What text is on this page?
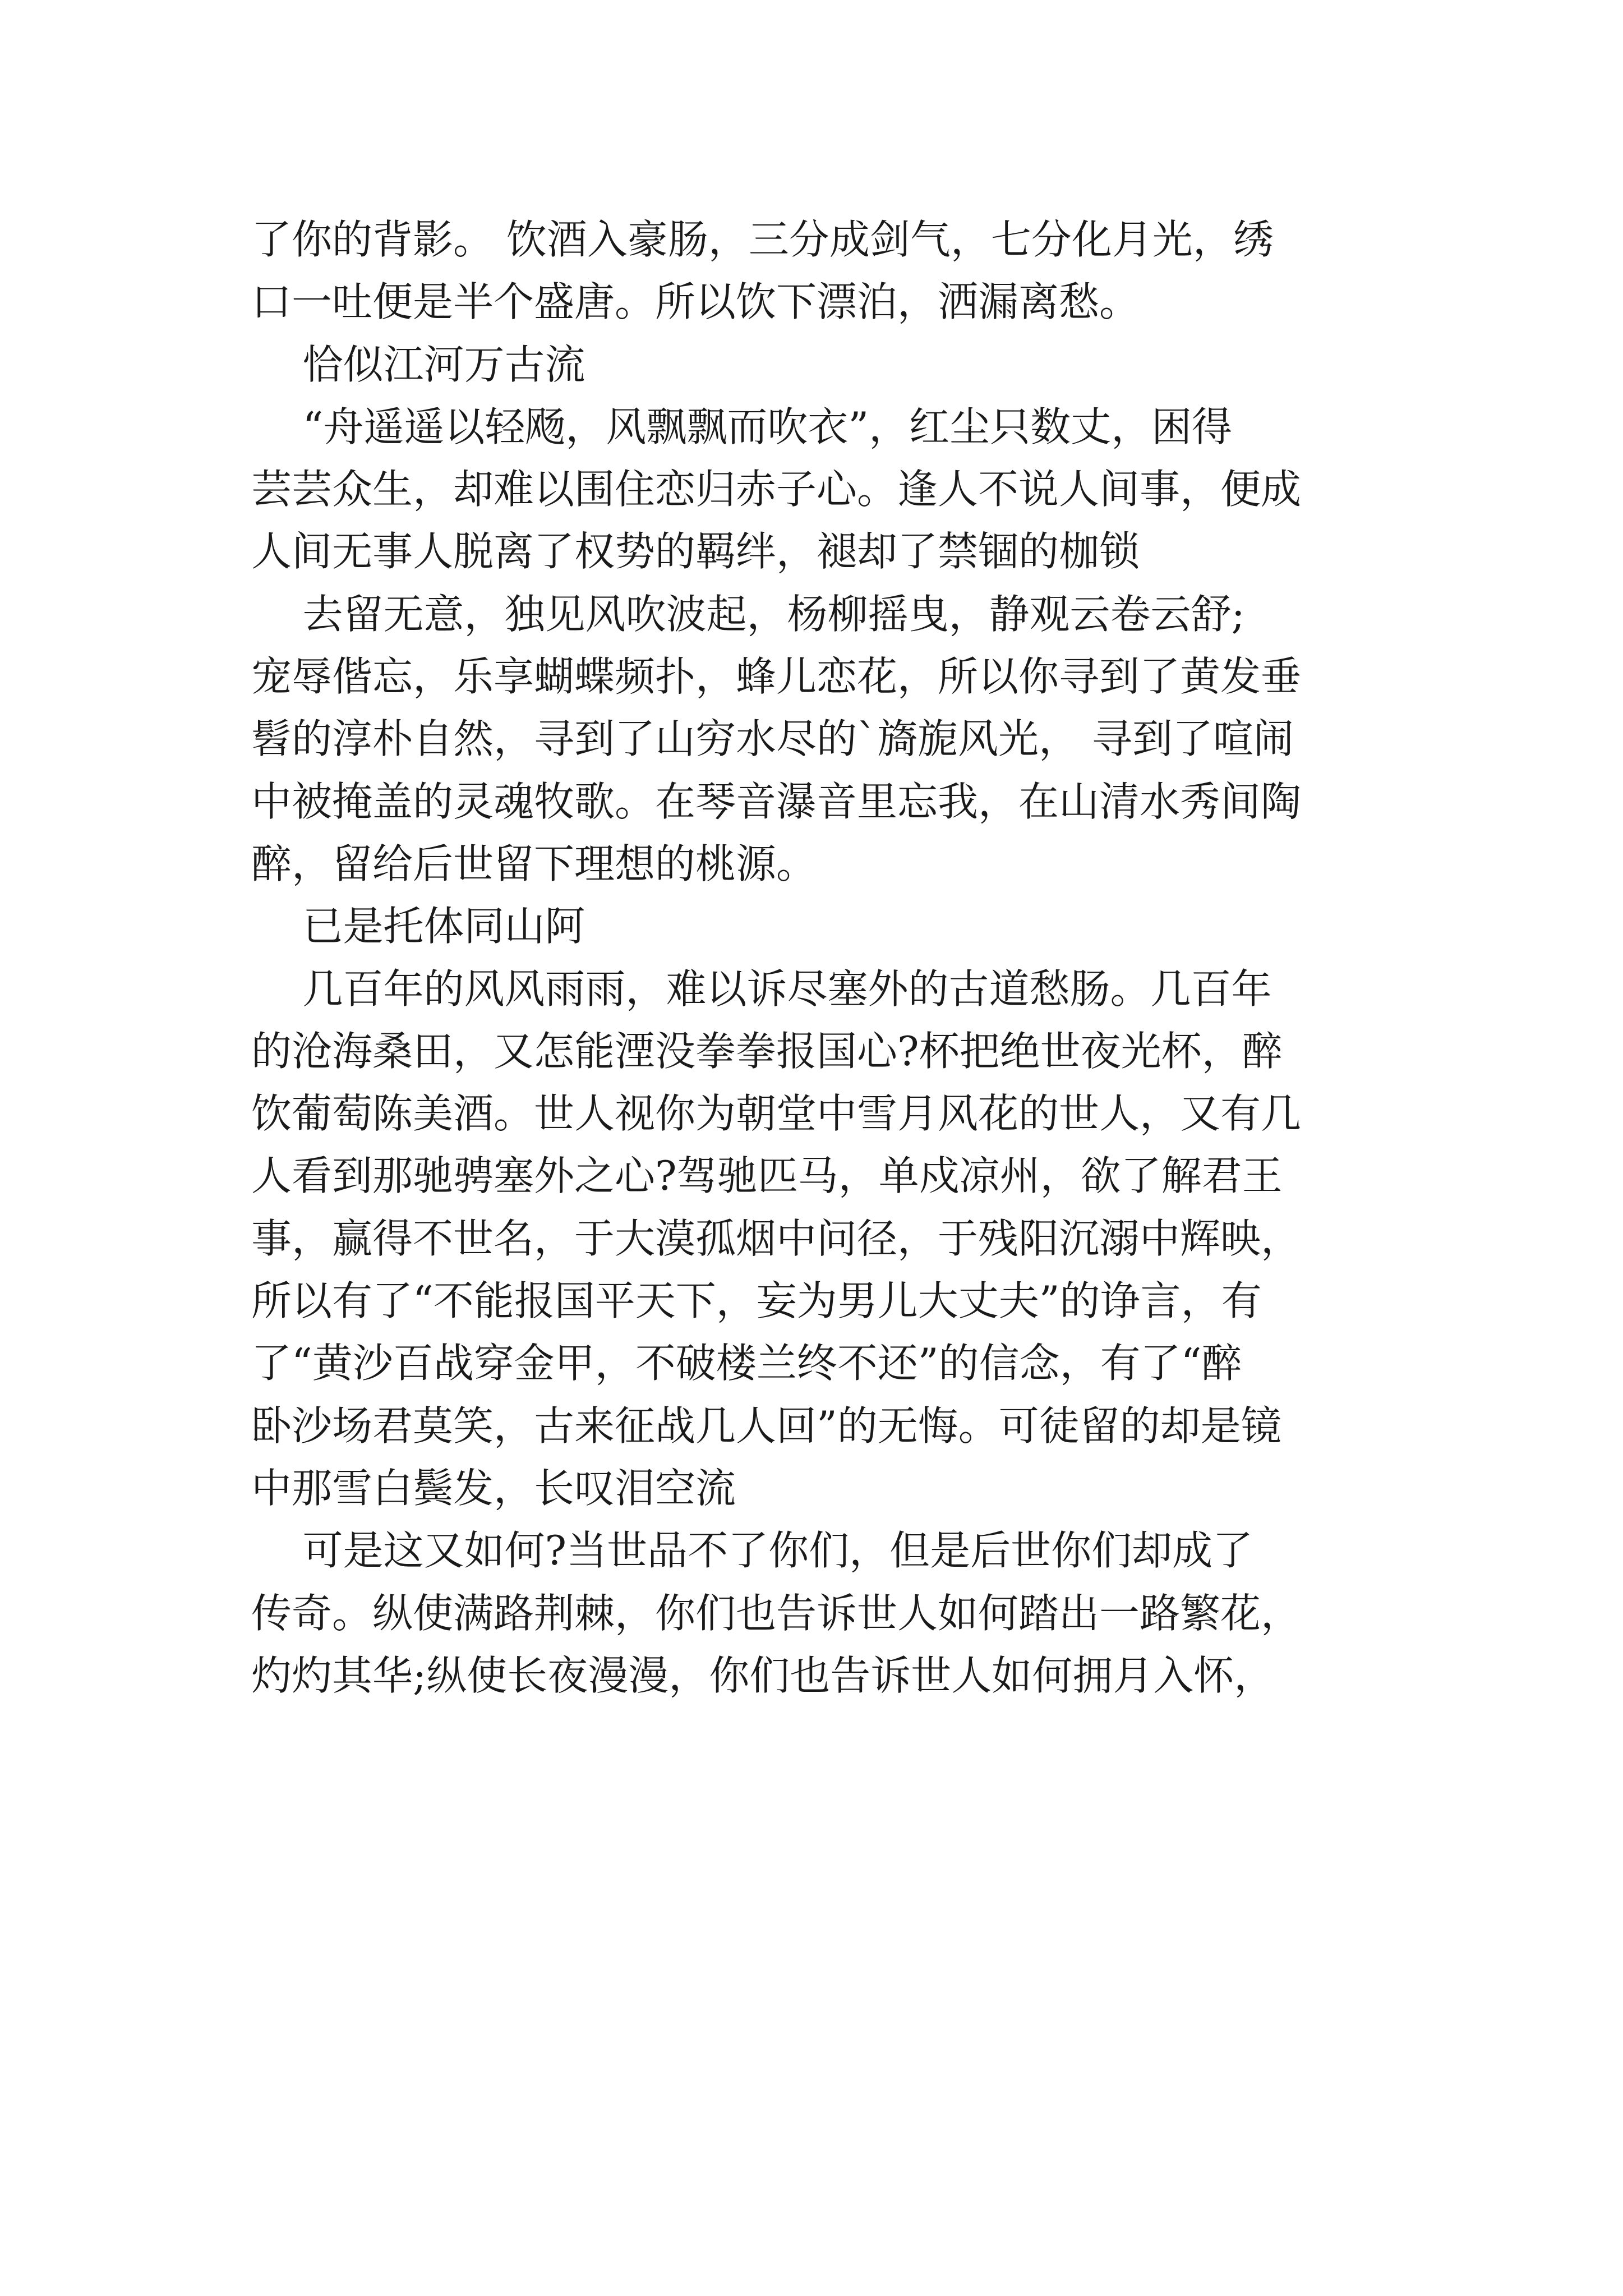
了你的背影。 饮酒入豪肠，三分成剑气，七分化月光，绣
口一吐便是半个盛唐。所以饮下漂泊，洒漏离愁。
恰似江河万古流
“舟遥遥以轻飏，风飘飘而吹衣”，红尘只数丈，困得
芸芸众生，却难以围住恋归赤子心。逢人不说人间事，便成
人间无事人脱离了权势的羁绊，褪却了禁锢的枷锁
去留无意，独见风吹波起，杨柳摇曳，静观云卷云舒;
宠辱偕忘，乐享蝴蝶频扑，蜂儿恋花，所以你寻到了黄发垂
髫的淳朴自然，寻到了山穷水尽的`旖旎风光， 寻到了喧闹
中被掩盖的灵魂牧歌。在琴音瀑音里忘我，在山清水秀间陶
醉，留给后世留下理想的桃源。
已是托体同山阿
几百年的风风雨雨，难以诉尽塞外的古道愁肠。几百年
的沧海桑田，又怎能湮没拳拳报国心?杯把绝世夜光杯，醉
饮葡萄陈美酒。世人视你为朝堂中雪月风花的世人，又有几
人看到那驰骋塞外之心?驾驰匹马，单戍凉州，欲了解君王
事，赢得不世名，于大漠孤烟中问径，于残阳沉溺中辉映，
所以有了“不能报国平天下，妄为男儿大丈夫”的诤言，有
了“黄沙百战穿金甲，不破楼兰终不还”的信念，有了“醉
卧沙场君莫笑，古来征战几人回”的无悔。可徒留的却是镜
中那雪白鬓发，长叹泪空流
可是这又如何?当世品不了你们，但是后世你们却成了
传奇。纵使满路荆棘，你们也告诉世人如何踏出一路繁花，
灼灼其华;纵使长夜漫漫，你们也告诉世人如何拥月入怀，
